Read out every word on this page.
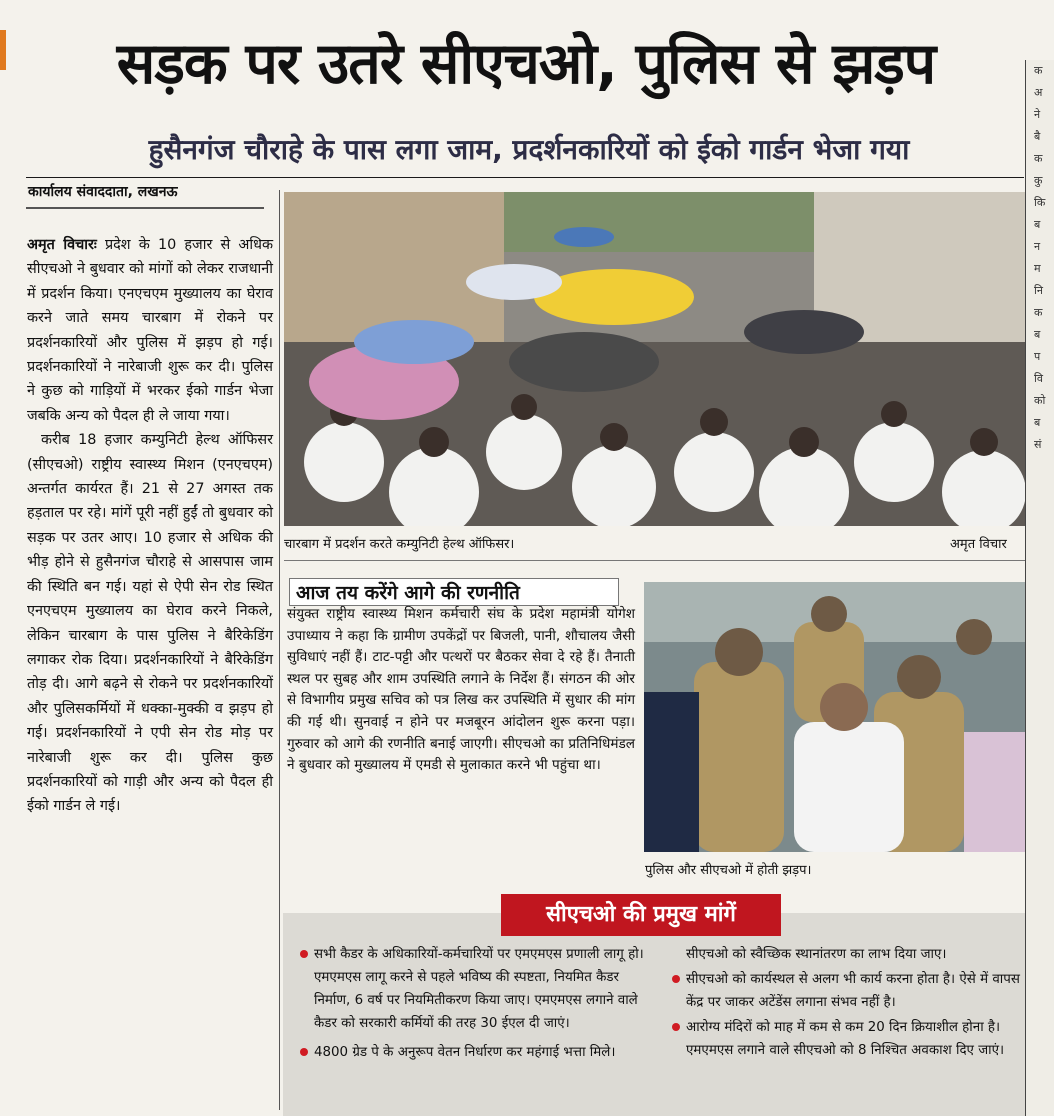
सड़क पर उतरे सीएचओ, पुलिस से झड़प
हुसैनगंज चौराहे के पास लगा जाम, प्रदर्शनकारियों को ईको गार्डन भेजा गया
कार्यालय संवाददाता, लखनऊ

अमृत विचारः प्रदेश के 10 हजार से अधिक सीएचओ ने बुधवार को मांगों को लेकर राजधानी में प्रदर्शन किया। एनएचएम मुख्यालय का घेराव करने जाते समय चारबाग में रोकने पर प्रदर्शनकारियों और पुलिस में झड़प हो गई। प्रदर्शनकारियों ने नारेबाजी शुरू कर दी। पुलिस ने कुछ को गाड़ियों में भरकर ईको गार्डन भेजा जबकि अन्य को पैदल ही ले जाया गया।

करीब 18 हजार कम्युनिटी हेल्थ ऑफिसर (सीएचओ) राष्ट्रीय स्वास्थ्य मिशन (एनएचएम) अन्तर्गत कार्यरत हैं। 21 से 27 अगस्त तक हड़ताल पर रहे। मांगें पूरी नहीं हुईं तो बुधवार को सड़क पर उतर आए। 10 हजार से अधिक की भीड़ होने से हुसैनगंज चौराहे से आसपास जाम की स्थिति बन गई। यहां से ऐपी सेन रोड स्थित एनएचएम मुख्यालय का घेराव करने निकले, लेकिन चारबाग के पास पुलिस ने बैरिकेडिंग लगाकर रोक दिया। प्रदर्शनकारियों ने बैरिकेडिंग तोड़ दी। आगे बढ़ने से रोकने पर प्रदर्शनकारियों और पुलिसकर्मियों में धक्का-मुक्की व झड़प हो गई। प्रदर्शनकारियों ने एपी सेन रोड मोड़ पर नारेबाजी शुरू कर दी। पुलिस कुछ प्रदर्शनकारियों को गाड़ी और अन्य को पैदल ही ईको गार्डन ले गई।

चारबाग में प्रदर्शन करते कम्युनिटी हेल्थ ऑफिसर।	अमृत विचार
आज तय करेंगे आगे की रणनीति
संयुक्त राष्ट्रीय स्वास्थ्य मिशन कर्मचारी संघ के प्रदेश महामंत्री योगेश उपाध्याय ने कहा कि ग्रामीण उपकेंद्रों पर बिजली, पानी, शौचालय जैसी सुविधाएं नहीं हैं। टाट-पट्टी और पत्थरों पर बैठकर सेवा दे रहे हैं। तैनाती स्थल पर सुबह और शाम उपस्थिति लगाने के निर्देश हैं। संगठन की ओर से विभागीय प्रमुख सचिव को पत्र लिख कर उपस्थिति में सुधार की मांग की गई थी। सुनवाई न होने पर मजबूरन आंदोलन शुरू करना पड़ा। गुरुवार को आगे की रणनीति बनाई जाएगी। सीएचओ का प्रतिनिधिमंडल ने बुधवार को मुख्यालय में एमडी से मुलाकात करने भी पहुंचा था।
पुलिस और सीएचओ में होती झड़प।
सीएचओ की प्रमुख मांगें
सभी कैडर के अधिकारियों-कर्मचारियों पर एमएमएस प्रणाली लागू हो। एमएमएस लागू करने से पहले भविष्य की स्पष्टता, नियमित कैडर निर्माण, 6 वर्ष पर नियमितीकरण किया जाए। एमएमएस लगाने वाले कैडर को सरकारी कर्मियों की तरह 30 ईएल दी जाएं।
4800 ग्रेड पे के अनुरूप वेतन निर्धारण कर महंगाई भत्ता मिले।
सीएचओ को स्वैच्छिक स्थानांतरण का लाभ दिया जाए।
सीएचओ को कार्यस्थल से अलग भी कार्य करना होता है। ऐसे में वापस केंद्र पर जाकर अटेंडेंस लगाना संभव नहीं है।
आरोग्य मंदिरों को माह में कम से कम 20 दिन क्रियाशील होना है। एमएमएस लगाने वाले सीएचओ को 8 निश्चित अवकाश दिए जाएं।
क
अ
ने
बै
क
कु
कि
ब
न
म
नि
क
ब
प
वि
को
ब
सं
